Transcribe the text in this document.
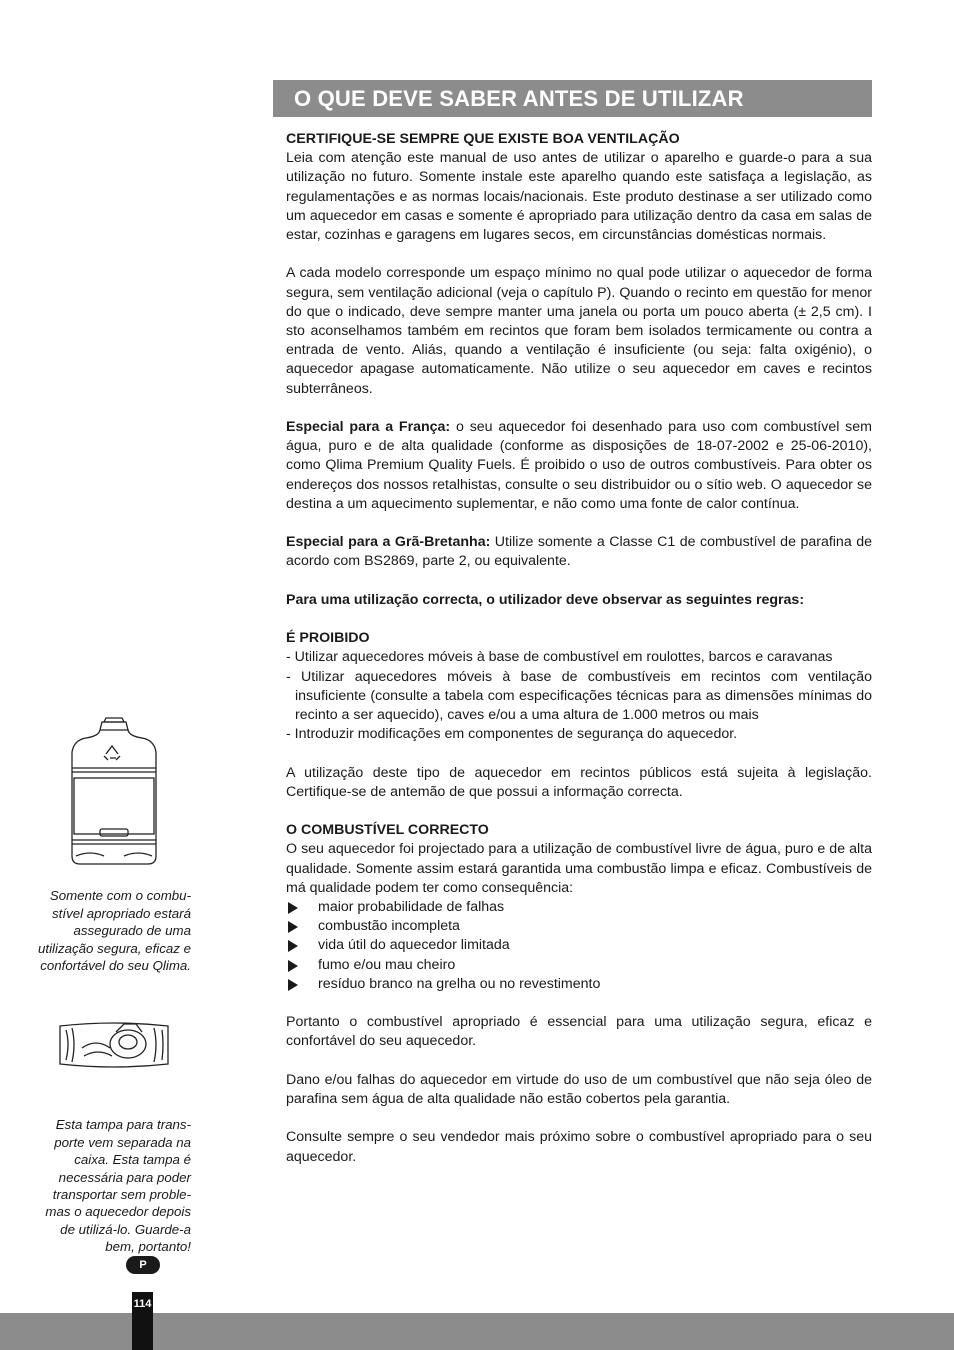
O QUE DEVE SABER ANTES DE UTILIZAR

CERTIFIQUE-SE SEMPRE QUE EXISTE BOA VENTILAÇÃO
Leia com atenção este manual de uso antes de utilizar o aparelho e guarde-o para a sua utilização no futuro. Somente instale este aparelho quando este satisfaça a legislação, as regulamentações e as normas locais/nacionais. Este produto destinase a ser utilizado como um aquecedor em casas e somente é apropriado para utilização dentro da casa em salas de estar, cozinhas e garagens em lugares secos, em circunstâncias domésticas normais.

A cada modelo corresponde um espaço mínimo no qual pode utilizar o aquecedor de forma segura, sem ventilação adicional (veja o capítulo P). Quando o recinto em questão for menor do que o indicado, deve sempre manter uma janela ou porta um pouco aberta (± 2,5 cm). I sto aconselhamos também em recintos que foram bem isolados termicamente ou contra a entrada de vento. Aliás, quando a ventilação é insuficiente (ou seja: falta oxigénio), o aquecedor apagase automaticamente. Não utilize o seu aquecedor em caves e recintos subterrâneos.

Especial para a França: o seu aquecedor foi desenhado para uso com combustível sem água, puro e de alta qualidade (conforme as disposições de 18-07-2002 e 25-06-2010), como Qlima Premium Quality Fuels. É proibido o uso de outros combustíveis. Para obter os endereços dos nossos retalhistas, consulte o seu distribuidor ou o sítio web. O aquecedor se destina a um aquecimento suplementar, e não como uma fonte de calor contínua.

Especial para a Grã-Bretanha: Utilize somente a Classe C1 de combustível de parafina de acordo com BS2869, parte 2, ou equivalente.

Para uma utilização correcta, o utilizador deve observar as seguintes regras:

É PROIBIDO
- Utilizar aquecedores móveis à base de combustível em roulottes, barcos e caravanas
- Utilizar aquecedores móveis à base de combustíveis em recintos com ventilação insuficiente (consulte a tabela com especificações técnicas para as dimensões mínimas do recinto a ser aquecido), caves e/ou a uma altura de 1.000 metros ou mais
- Introduzir modificações em componentes de segurança do aquecedor.

A utilização deste tipo de aquecedor em recintos públicos está sujeita à legislação. Certifique-se de antemão de que possui a informação correcta.

O COMBUSTÍVEL CORRECTO
O seu aquecedor foi projectado para a utilização de combustível livre de água, puro e de alta qualidade. Somente assim estará garantida uma combustão limpa e eficaz. Combustíveis de má qualidade podem ter como consequência:
maior probabilidade de falhas
combustão incompleta
vida útil do aquecedor limitada
fumo e/ou mau cheiro
resíduo branco na grelha ou no revestimento

Portanto o combustível apropriado é essencial para uma utilização segura, eficaz e confortável do seu aquecedor.

Dano e/ou falhas do aquecedor em virtude do uso de um combustível que não seja óleo de parafina sem água de alta qualidade não estão cobertos pela garantia.

Consulte sempre o seu vendedor mais próximo sobre o combustível apropriado para o seu aquecedor.

Somente com o combu-stível apropriado estará assegurado de uma utilização segura, eficaz e confortável do seu Qlima.

Esta tampa para trans-porte vem separada na caixa. Esta tampa é necessária para poder transportar sem proble-mas o aquecedor depois de utilizá-lo. Guarde-a bem, portanto!

P
114
